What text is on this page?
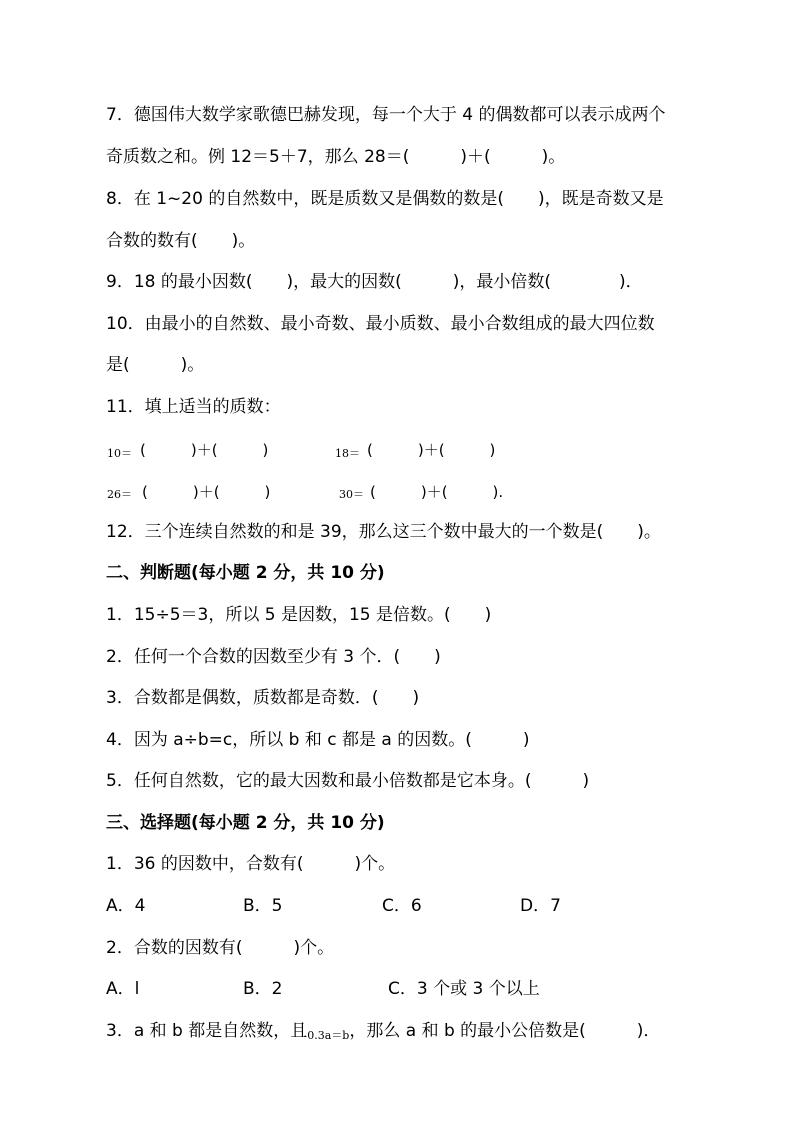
7．德国伟大数学家歌德巴赫发现，每一个大于 4 的偶数都可以表示成两个
奇质数之和。例 12＝5＋7，那么 28＝(　　　)＋(　　　)。
8．在 1~20 的自然数中，既是质数又是偶数的数是(　　)，既是奇数又是
合数的数有(　　)。
9．18 的最小因数(　　)，最大的因数(　　　)，最小倍数(　　　　)．
10．由最小的自然数、最小奇数、最小质数、最小合数组成的最大四位数
是(　　　)。
11．填上适当的质数：
10＝ (　　　)＋(　　　)	18＝ (　　　)＋(　　　)
26＝ (　　　)＋(　　　)	30＝ (　　　)＋(　　　).
12．三个连续自然数的和是 39，那么这三个数中最大的一个数是(　　)。
二、判断题(每小题 2 分，共 10 分)
1．15÷5＝3，所以 5 是因数，15 是倍数。(　　)
2．任何一个合数的因数至少有 3 个．(　　)
3．合数都是偶数，质数都是奇数．(　　)
4．因为 a÷b=c，所以 b 和 c 都是 a 的因数。(　　　)
5．任何自然数，它的最大因数和最小倍数都是它本身。(　　　)
三、选择题(每小题 2 分，共 10 分)
1．36 的因数中，合数有(　　　)个。
A．4	B．5	C．6	D．7
2．合数的因数有(　　　)个。
A．l	B．2	C．3 个或 3 个以上
3．a 和 b 都是自然数，且0.3a＝b，那么 a 和 b 的最小公倍数是(　　　)．
